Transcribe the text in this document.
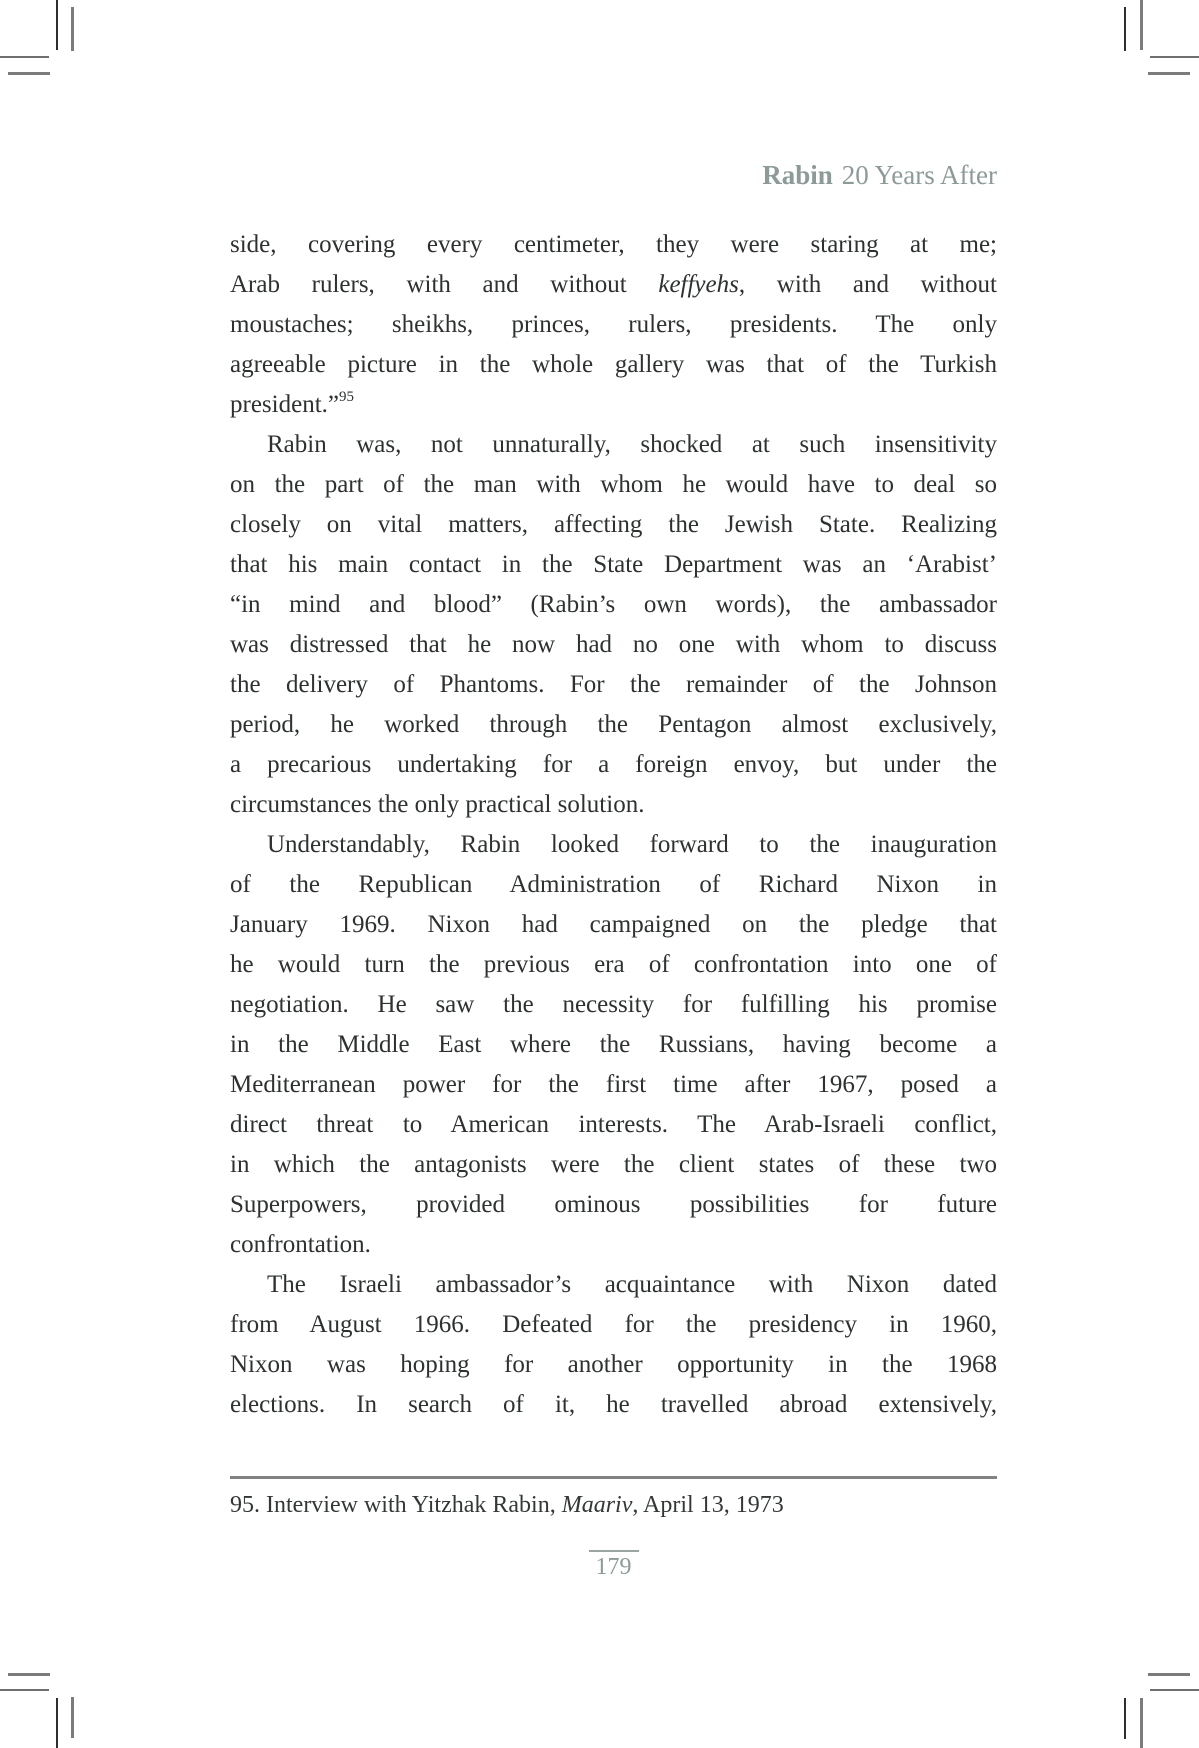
Rabin 20 Years After
side, covering every centimeter, they were staring at me;
Arab rulers, with and without keffyehs, with and without
moustaches; sheikhs, princes, rulers, presidents. The only
agreeable picture in the whole gallery was that of the Turkish
president.”$^{95}$
Rabin was, not unnaturally, shocked at such insensitivity
on the part of the man with whom he would have to deal so
closely on vital matters, affecting the Jewish State. Realizing
that his main contact in the State Department was an ‘Arabist’
“in mind and blood” (Rabin’s own words), the ambassador
was distressed that he now had no one with whom to discuss
the delivery of Phantoms. For the remainder of the Johnson
period, he worked through the Pentagon almost exclusively,
a precarious undertaking for a foreign envoy, but under the
circumstances the only practical solution.
Understandably, Rabin looked forward to the inauguration
of the Republican Administration of Richard Nixon in
January 1969. Nixon had campaigned on the pledge that
he would turn the previous era of confrontation into one of
negotiation. He saw the necessity for fulfilling his promise
in the Middle East where the Russians, having become a
Mediterranean power for the first time after 1967, posed a
direct threat to American interests. The Arab-Israeli conflict,
in which the antagonists were the client states of these two
Superpowers, provided ominous possibilities for future
confrontation.
The Israeli ambassador’s acquaintance with Nixon dated
from August 1966. Defeated for the presidency in 1960,
Nixon was hoping for another opportunity in the 1968
elections. In search of it, he travelled abroad extensively,
95. Interview with Yitzhak Rabin, Maariv, April 13, 1973
179
